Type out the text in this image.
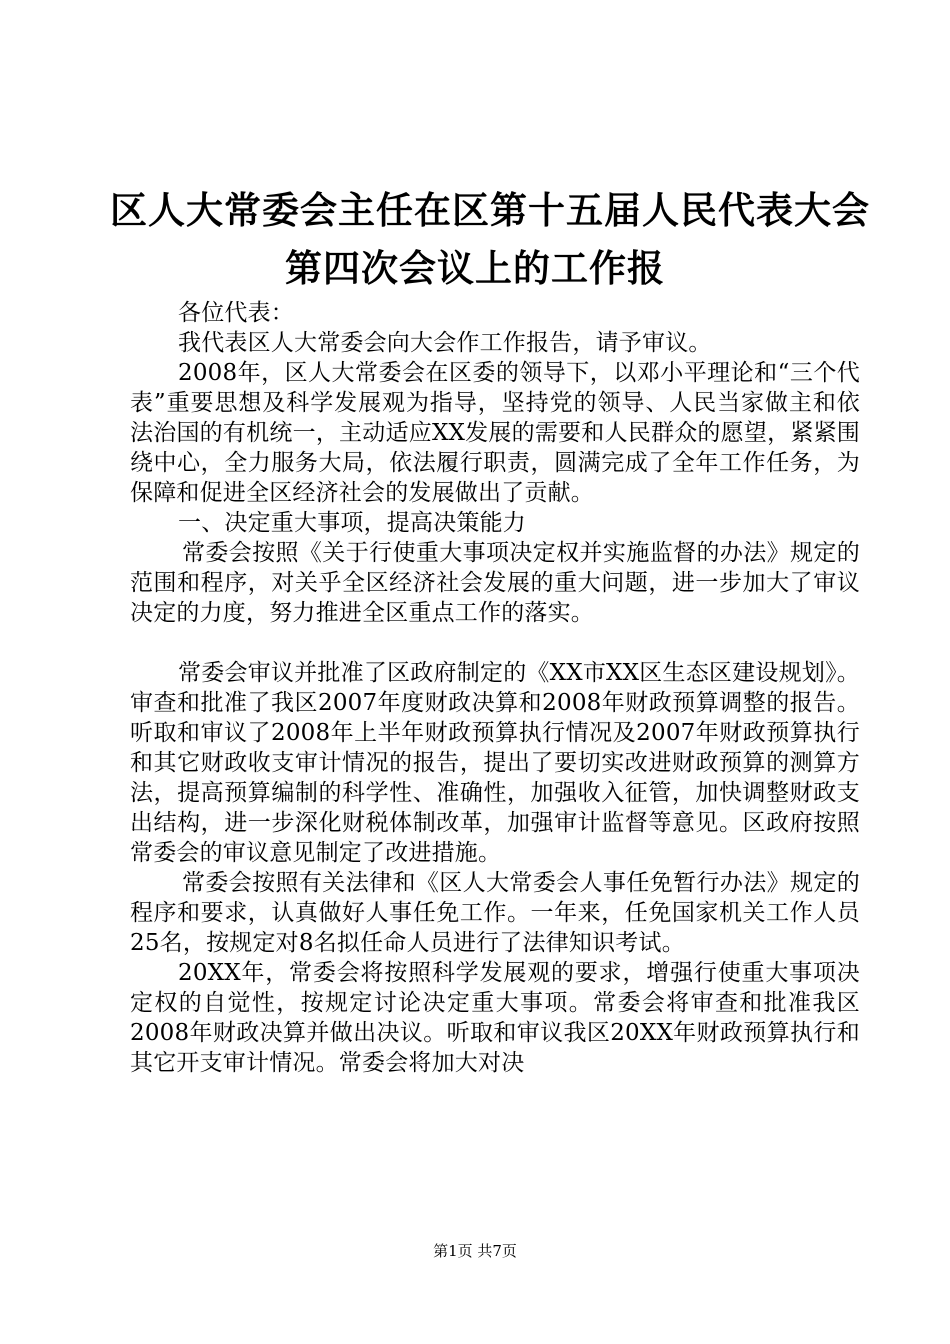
区人大常委会主任在区第十五届人民代表大会
第四次会议上的工作报

各位代表：

我代表区人大常委会向大会作工作报告，请予审议。

2008年，区人大常委会在区委的领导下，以邓小平理论和“三个代表”重要思想及科学发展观为指导，坚持党的领导、人民当家做主和依法治国的有机统一，主动适应XX发展的需要和人民群众的愿望，紧紧围绕中心，全力服务大局，依法履行职责，圆满完成了全年工作任务，为保障和促进全区经济社会的发展做出了贡献。

一、决定重大事项，提高决策能力

常委会按照《关于行使重大事项决定权并实施监督的办法》规定的范围和程序，对关乎全区经济社会发展的重大问题，进一步加大了审议决定的力度，努力推进全区重点工作的落实。

常委会审议并批准了区政府制定的《XX市XX区生态区建设规划》。审查和批准了我区2007年度财政决算和2008年财政预算调整的报告。听取和审议了2008年上半年财政预算执行情况及2007年财政预算执行和其它财政收支审计情况的报告，提出了要切实改进财政预算的测算方法，提高预算编制的科学性、准确性，加强收入征管，加快调整财政支出结构，进一步深化财税体制改革，加强审计监督等意见。区政府按照常委会的审议意见制定了改进措施。

常委会按照有关法律和《区人大常委会人事任免暂行办法》规定的程序和要求，认真做好人事任免工作。一年来，任免国家机关工作人员25名，按规定对8名拟任命人员进行了法律知识考试。

20XX年，常委会将按照科学发展观的要求，增强行使重大事项决定权的自觉性，按规定讨论决定重大事项。常委会将审查和批准我区2008年财政决算并做出决议。听取和审议我区20XX年财政预算执行和其它开支审计情况。常委会将加大对决

第1页 共7页
